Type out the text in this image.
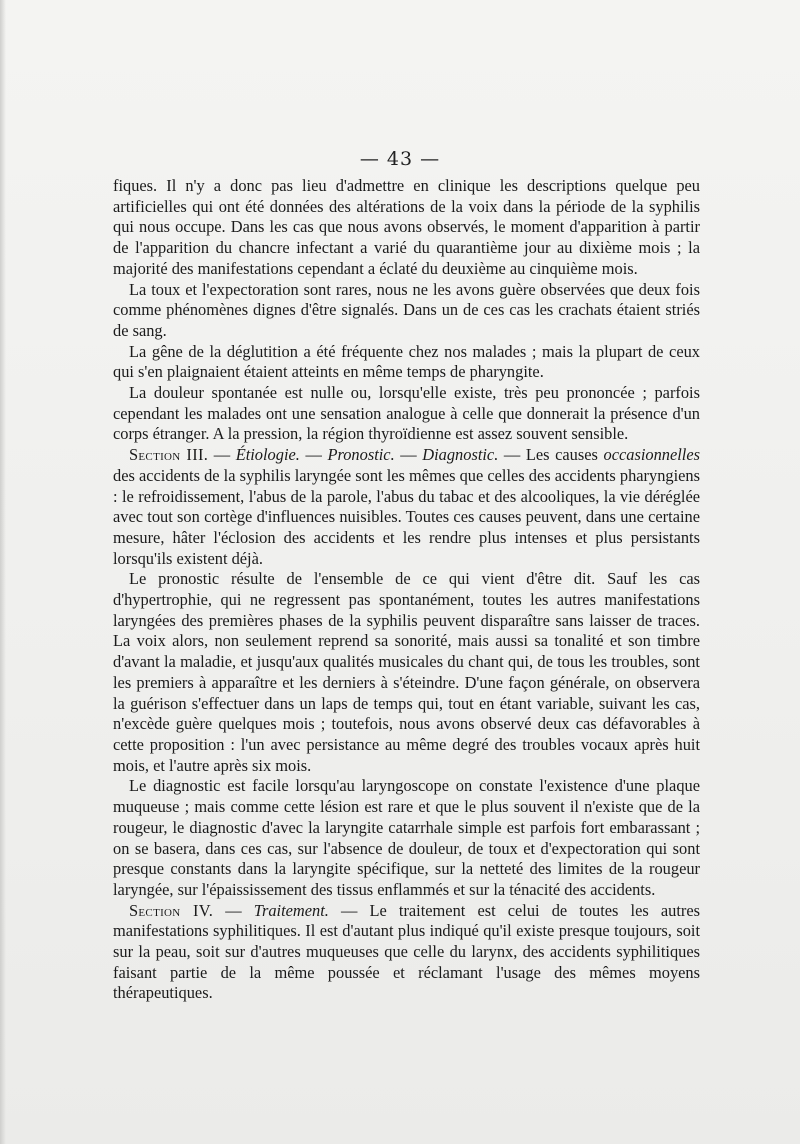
— 43 —

fiques. Il n'y a donc pas lieu d'admettre en clinique les descriptions quelque peu artificielles qui ont été données des altérations de la voix dans la période de la syphilis qui nous occupe. Dans les cas que nous avons observés, le moment d'apparition à partir de l'apparition du chancre infectant a varié du quarantième jour au dixième mois ; la majorité des manifestations cependant a éclaté du deuxième au cinquième mois.

La toux et l'expectoration sont rares, nous ne les avons guère observées que deux fois comme phénomènes dignes d'être signalés. Dans un de ces cas les crachats étaient striés de sang.

La gêne de la déglutition a été fréquente chez nos malades ; mais la plupart de ceux qui s'en plaignaient étaient atteints en même temps de pharyngite.

La douleur spontanée est nulle ou, lorsqu'elle existe, très peu prononcée ; parfois cependant les malades ont une sensation analogue à celle que donnerait la présence d'un corps étranger. A la pression, la région thyroïdienne est assez souvent sensible.

Section III. — Étiologie. — Pronostic. — Diagnostic. — Les causes occasionnelles des accidents de la syphilis laryngée sont les mêmes que celles des accidents pharyngiens : le refroidissement, l'abus de la parole, l'abus du tabac et des alcooliques, la vie déréglée avec tout son cortège d'influences nuisibles. Toutes ces causes peuvent, dans une certaine mesure, hâter l'éclosion des accidents et les rendre plus intenses et plus persistants lorsqu'ils existent déjà.

Le pronostic résulte de l'ensemble de ce qui vient d'être dit. Sauf les cas d'hypertrophie, qui ne regressent pas spontanément, toutes les autres manifestations laryngées des premières phases de la syphilis peuvent disparaître sans laisser de traces. La voix alors, non seulement reprend sa sonorité, mais aussi sa tonalité et son timbre d'avant la maladie, et jusqu'aux qualités musicales du chant qui, de tous les troubles, sont les premiers à apparaître et les derniers à s'éteindre. D'une façon générale, on observera la guérison s'effectuer dans un laps de temps qui, tout en étant variable, suivant les cas, n'excède guère quelques mois ; toutefois, nous avons observé deux cas défavorables à cette proposition : l'un avec persistance au même degré des troubles vocaux après huit mois, et l'autre après six mois.

Le diagnostic est facile lorsqu'au laryngoscope on constate l'existence d'une plaque muqueuse ; mais comme cette lésion est rare et que le plus souvent il n'existe que de la rougeur, le diagnostic d'avec la laryngite catarrhale simple est parfois fort embarassant ; on se basera, dans ces cas, sur l'absence de douleur, de toux et d'expectoration qui sont presque constants dans la laryngite spécifique, sur la netteté des limites de la rougeur laryngée, sur l'épaississement des tissus enflammés et sur la ténacité des accidents.

Section IV. — Traitement. — Le traitement est celui de toutes les autres manifestations syphilitiques. Il est d'autant plus indiqué qu'il existe presque toujours, soit sur la peau, soit sur d'autres muqueuses que celle du larynx, des accidents syphilitiques faisant partie de la même poussée et réclamant l'usage des mêmes moyens thérapeutiques.
